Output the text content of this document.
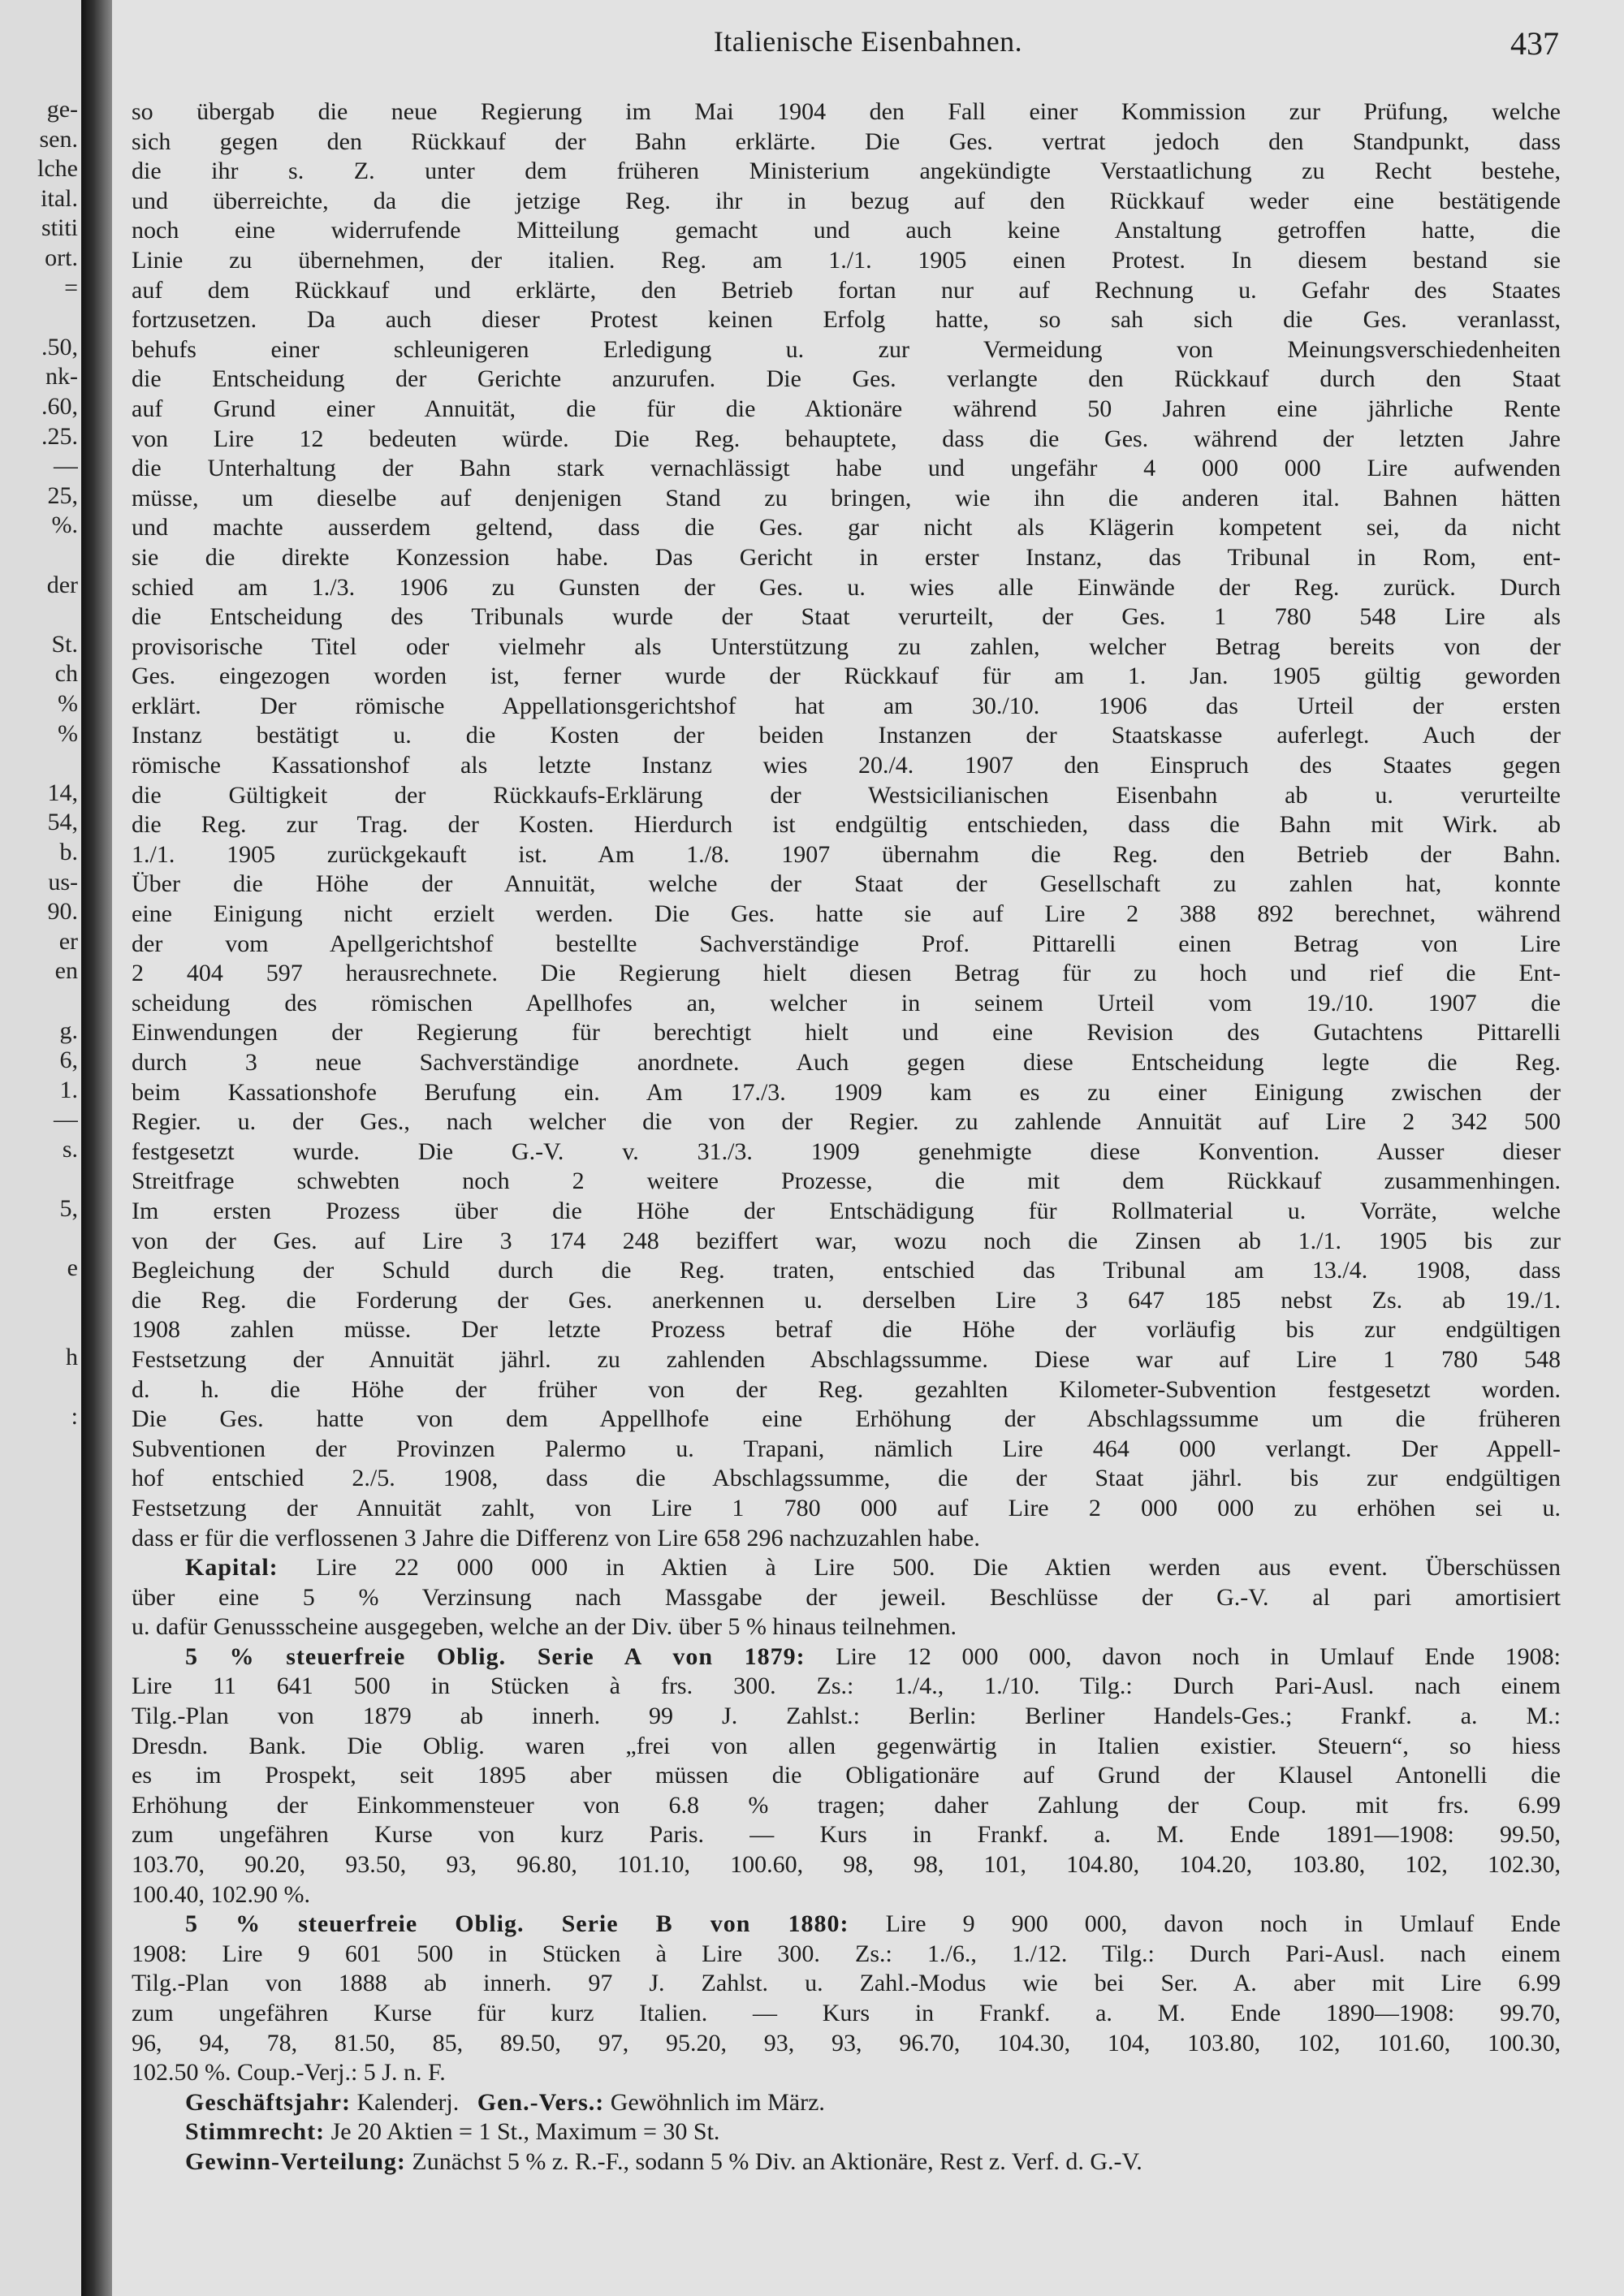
ge-
sen.
lche
ital.
stiti
ort.
=
.50,
nk-
.60,
.25.
—
25,
%.
der
St.
ch
%
%
14,
54,
b.
us-
90.
er
en
g.
6,
1.
—
s.
5,
e
h
:
Italienische Eisenbahnen.	437
so übergab die neue Regierung im Mai 1904 den Fall einer Kommission zur Prüfung, welche
sich gegen den Rückkauf der Bahn erklärte. Die Ges. vertrat jedoch den Standpunkt, dass
die ihr s. Z. unter dem früheren Ministerium angekündigte Verstaatlichung zu Recht bestehe,
und überreichte, da die jetzige Reg. ihr in bezug auf den Rückkauf weder eine bestätigende
noch eine widerrufende Mitteilung gemacht und auch keine Anstaltung getroffen hatte, die
Linie zu übernehmen, der italien. Reg. am 1./1. 1905 einen Protest. In diesem bestand sie
auf dem Rückkauf und erklärte, den Betrieb fortan nur auf Rechnung u. Gefahr des Staates
fortzusetzen. Da auch dieser Protest keinen Erfolg hatte, so sah sich die Ges. veranlasst,
behufs einer schleunigeren Erledigung u. zur Vermeidung von Meinungsverschiedenheiten
die Entscheidung der Gerichte anzurufen. Die Ges. verlangte den Rückkauf durch den Staat
auf Grund einer Annuität, die für die Aktionäre während 50 Jahren eine jährliche Rente
von Lire 12 bedeuten würde. Die Reg. behauptete, dass die Ges. während der letzten Jahre
die Unterhaltung der Bahn stark vernachlässigt habe und ungefähr 4 000 000 Lire aufwenden
müsse, um dieselbe auf denjenigen Stand zu bringen, wie ihn die anderen ital. Bahnen hätten
und machte ausserdem geltend, dass die Ges. gar nicht als Klägerin kompetent sei, da nicht
sie die direkte Konzession habe. Das Gericht in erster Instanz, das Tribunal in Rom, ent-
schied am 1./3. 1906 zu Gunsten der Ges. u. wies alle Einwände der Reg. zurück. Durch
die Entscheidung des Tribunals wurde der Staat verurteilt, der Ges. 1 780 548 Lire als
provisorische Titel oder vielmehr als Unterstützung zu zahlen, welcher Betrag bereits von der
Ges. eingezogen worden ist, ferner wurde der Rückkauf für am 1. Jan. 1905 gültig geworden
erklärt. Der römische Appellationsgerichtshof hat am 30./10. 1906 das Urteil der ersten
Instanz bestätigt u. die Kosten der beiden Instanzen der Staatskasse auferlegt. Auch der
römische Kassationshof als letzte Instanz wies 20./4. 1907 den Einspruch des Staates gegen
die Gültigkeit der Rückkaufs-Erklärung der Westsicilianischen Eisenbahn ab u. verurteilte
die Reg. zur Trag. der Kosten. Hierdurch ist endgültig entschieden, dass die Bahn mit Wirk. ab
1./1. 1905 zurückgekauft ist. Am 1./8. 1907 übernahm die Reg. den Betrieb der Bahn.
Über die Höhe der Annuität, welche der Staat der Gesellschaft zu zahlen hat, konnte
eine Einigung nicht erzielt werden. Die Ges. hatte sie auf Lire 2 388 892 berechnet, während
der vom Apellgerichtshof bestellte Sachverständige Prof. Pittarelli einen Betrag von Lire
2 404 597 herausrechnete. Die Regierung hielt diesen Betrag für zu hoch und rief die Ent-
scheidung des römischen Apellhofes an, welcher in seinem Urteil vom 19./10. 1907 die
Einwendungen der Regierung für berechtigt hielt und eine Revision des Gutachtens Pittarelli
durch 3 neue Sachverständige anordnete. Auch gegen diese Entscheidung legte die Reg.
beim Kassationshofe Berufung ein. Am 17./3. 1909 kam es zu einer Einigung zwischen der
Regier. u. der Ges., nach welcher die von der Regier. zu zahlende Annuität auf Lire 2 342 500
festgesetzt wurde. Die G.-V. v. 31./3. 1909 genehmigte diese Konvention. Ausser dieser
Streitfrage schwebten noch 2 weitere Prozesse, die mit dem Rückkauf zusammenhingen.
Im ersten Prozess über die Höhe der Entschädigung für Rollmaterial u. Vorräte, welche
von der Ges. auf Lire 3 174 248 beziffert war, wozu noch die Zinsen ab 1./1. 1905 bis zur
Begleichung der Schuld durch die Reg. traten, entschied das Tribunal am 13./4. 1908, dass
die Reg. die Forderung der Ges. anerkennen u. derselben Lire 3 647 185 nebst Zs. ab 19./1.
1908 zahlen müsse. Der letzte Prozess betraf die Höhe der vorläufig bis zur endgültigen
Festsetzung der Annuität jährl. zu zahlenden Abschlagssumme. Diese war auf Lire 1 780 548
d. h. die Höhe der früher von der Reg. gezahlten Kilometer-Subvention festgesetzt worden.
Die Ges. hatte von dem Appellhofe eine Erhöhung der Abschlagssumme um die früheren
Subventionen der Provinzen Palermo u. Trapani, nämlich Lire 464 000 verlangt. Der Appell-
hof entschied 2./5. 1908, dass die Abschlagssumme, die der Staat jährl. bis zur endgültigen
Festsetzung der Annuität zahlt, von Lire 1 780 000 auf Lire 2 000 000 zu erhöhen sei u.
dass er für die verflossenen 3 Jahre die Differenz von Lire 658 296 nachzuzahlen habe.
Kapital: Lire 22 000 000 in Aktien à Lire 500. Die Aktien werden aus event. Überschüssen
über eine 5 % Verzinsung nach Massgabe der jeweil. Beschlüsse der G.-V. al pari amortisiert
u. dafür Genussscheine ausgegeben, welche an der Div. über 5 % hinaus teilnehmen.
5 % steuerfreie Oblig. Serie A von 1879: Lire 12 000 000, davon noch in Umlauf Ende 1908:
Lire 11 641 500 in Stücken à frs. 300. Zs.: 1./4., 1./10. Tilg.: Durch Pari-Ausl. nach einem
Tilg.-Plan von 1879 ab innerh. 99 J. Zahlst.: Berlin: Berliner Handels-Ges.; Frankf. a. M.:
Dresdn. Bank. Die Oblig. waren „frei von allen gegenwärtig in Italien existier. Steuern“, so hiess
es im Prospekt, seit 1895 aber müssen die Obligationäre auf Grund der Klausel Antonelli die
Erhöhung der Einkommensteuer von 6.8 % tragen; daher Zahlung der Coup. mit frs. 6.99
zum ungefähren Kurse von kurz Paris. — Kurs in Frankf. a. M. Ende 1891—1908: 99.50,
103.70, 90.20, 93.50, 93, 96.80, 101.10, 100.60, 98, 98, 101, 104.80, 104.20, 103.80, 102, 102.30,
100.40, 102.90 %.
5 % steuerfreie Oblig. Serie B von 1880: Lire 9 900 000, davon noch in Umlauf Ende
1908: Lire 9 601 500 in Stücken à Lire 300. Zs.: 1./6., 1./12. Tilg.: Durch Pari-Ausl. nach einem
Tilg.-Plan von 1888 ab innerh. 97 J. Zahlst. u. Zahl.-Modus wie bei Ser. A. aber mit Lire 6.99
zum ungefähren Kurse für kurz Italien. — Kurs in Frankf. a. M. Ende 1890—1908: 99.70,
96, 94, 78, 81.50, 85, 89.50, 97, 95.20, 93, 93, 96.70, 104.30, 104, 103.80, 102, 101.60, 100.30,
102.50 %. Coup.-Verj.: 5 J. n. F.
Geschäftsjahr: Kalenderj. Gen.-Vers.: Gewöhnlich im März.
Stimmrecht: Je 20 Aktien = 1 St., Maximum = 30 St.
Gewinn-Verteilung: Zunächst 5 % z. R.-F., sodann 5 % Div. an Aktionäre, Rest z. Verf. d. G.-V.
